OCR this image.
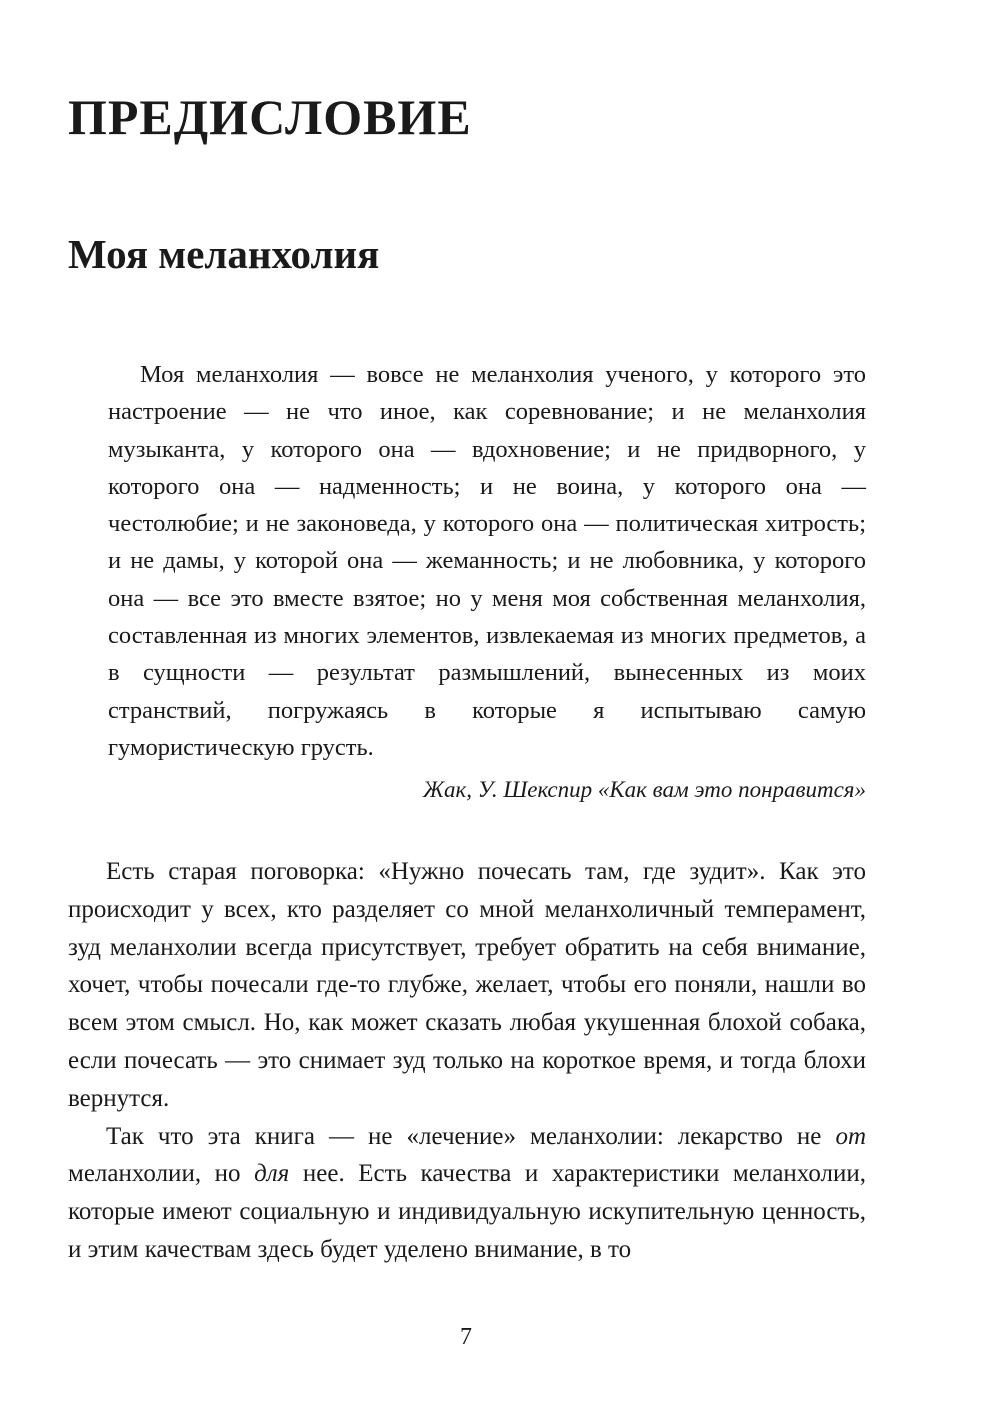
ПРЕДИСЛОВИЕ
Моя меланхолия

Моя меланхолия — вовсе не меланхолия ученого, у которого это настроение — не что иное, как соревнование; и не меланхолия музыканта, у которого она — вдохновение; и не придворного, у которого она — надменность; и не воина, у которого она — честолюбие; и не законоведа, у которого она — политическая хитрость; и не дамы, у которой она — жеманность; и не любовника, у которого она — все это вместе взятое; но у меня моя собственная меланхолия, составленная из многих элементов, извлекаемая из многих предметов, а в сущности — результат размышлений, вынесенных из моих странствий, погружаясь в которые я испытываю самую гумористическую грусть.

Жак, У. Шекспир «Как вам это понравится»

Есть старая поговорка: «Нужно почесать там, где зудит». Как это происходит у всех, кто разделяет со мной меланхоличный темперамент, зуд меланхолии всегда присутствует, требует обратить на себя внимание, хочет, чтобы почесали где-то глубже, желает, чтобы его поняли, нашли во всем этом смысл. Но, как может сказать любая укушенная блохой собака, если почесать — это снимает зуд только на короткое время, и тогда блохи вернутся.

Так что эта книга — не «лечение» меланхолии: лекарство не от меланхолии, но для нее. Есть качества и характеристики меланхолии, которые имеют социальную и индивидуальную искупительную ценность, и этим качествам здесь будет уделено внимание, в то

7
